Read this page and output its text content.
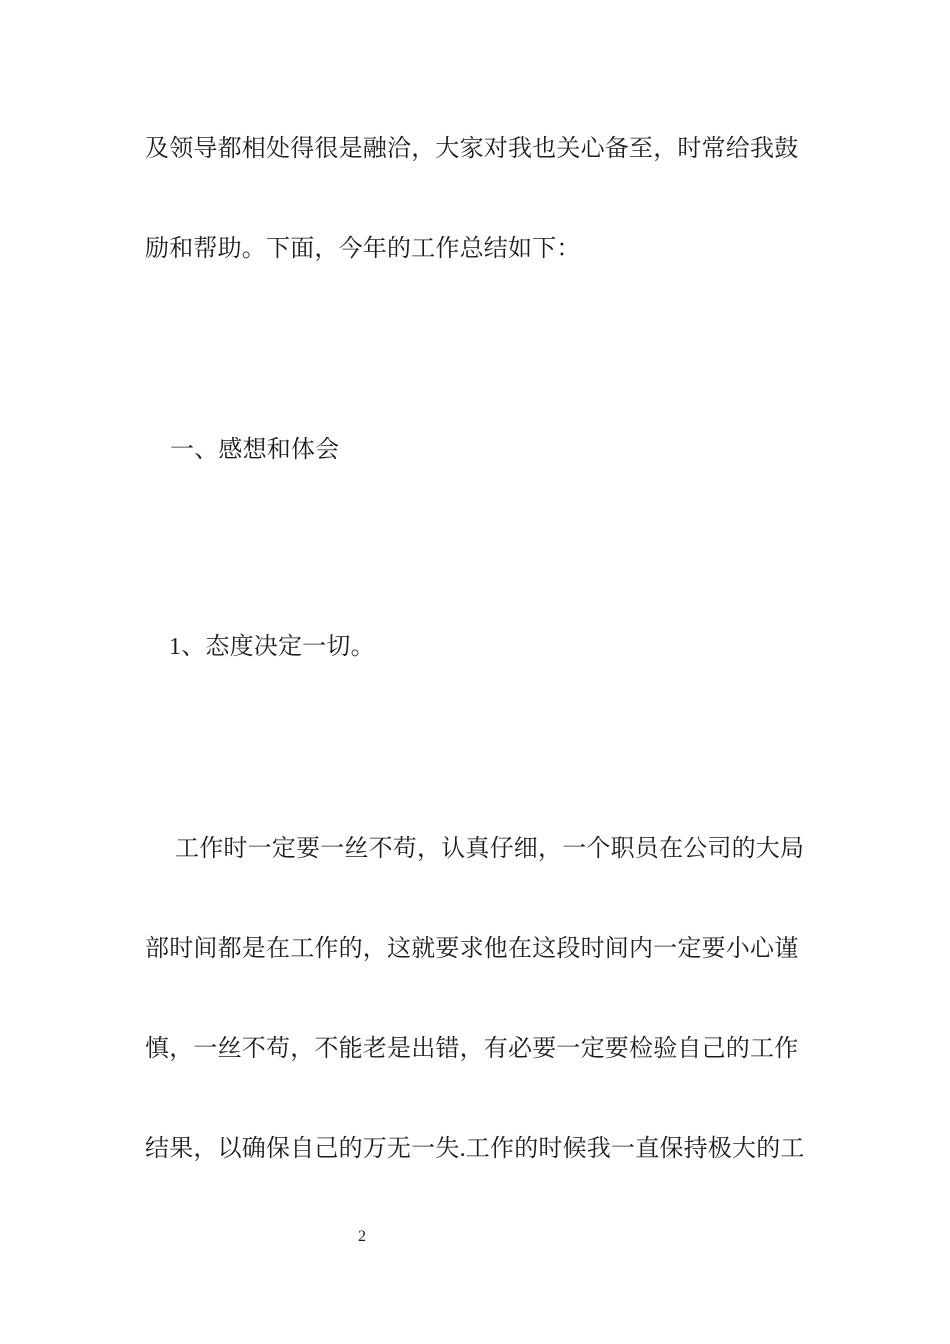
及领导都相处得很是融洽，大家对我也关心备至，时常给我鼓
励和帮助。下面，今年的工作总结如下：
一、感想和体会
1、态度决定一切。
工作时一定要一丝不苟，认真仔细，一个职员在公司的大局
部时间都是在工作的，这就要求他在这段时间内一定要小心谨
慎，一丝不苟，不能老是出错，有必要一定要检验自己的工作
结果，以确保自己的万无一失.工作的时候我一直保持极大的工
2
